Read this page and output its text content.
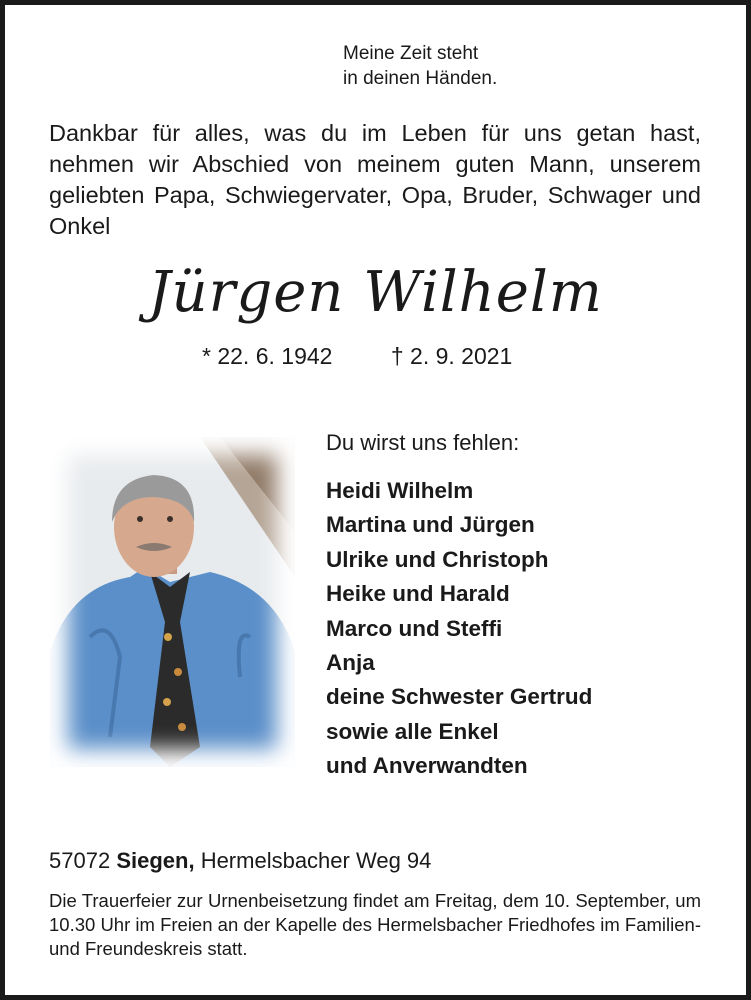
Meine Zeit steht
in deinen Händen.
Dankbar für alles, was du im Leben für uns getan hast, nehmen wir Abschied von meinem guten Mann, unserem geliebten Papa, Schwiegervater, Opa, Bruder, Schwager und Onkel
Jürgen Wilhelm
* 22. 6. 1942	† 2. 9. 2021
Du wirst uns fehlen:
Heidi Wilhelm
Martina und Jürgen
Ulrike und Christoph
Heike und Harald
Marco und Steffi
Anja
deine Schwester Gertrud
sowie alle Enkel
und Anverwandten
57072 Siegen, Hermelsbacher Weg 94
Die Trauerfeier zur Urnenbeisetzung findet am Freitag, dem 10. September, um 10.30 Uhr im Freien an der Kapelle des Hermelsbacher Friedhofes im Familien- und Freundeskreis statt.
